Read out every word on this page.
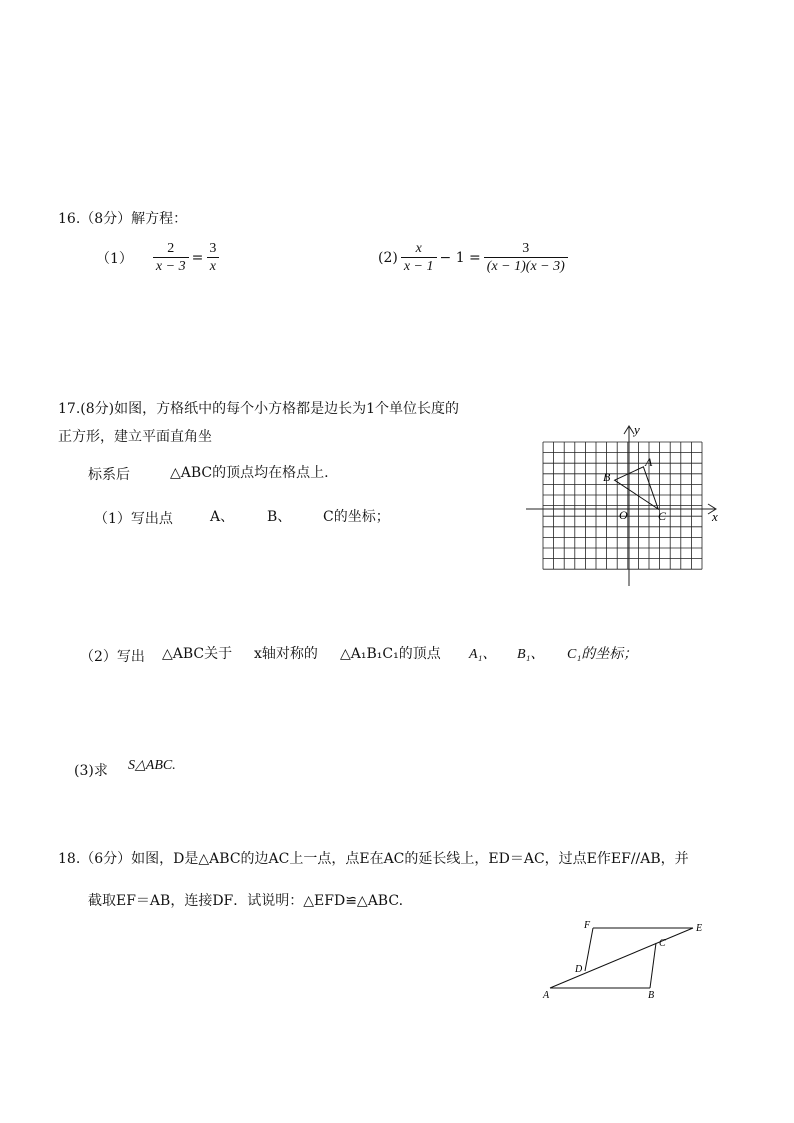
16.（8分）解方程：
$(1) \frac{2}{x - 3} = \frac{3}{x}$	$(2) \frac{x}{x - 1} - 1 = \frac{3}{(x - 1)(x - 3)}$
17.(8分)如图，方格纸中的每个小方格都是边长为1个单位长度的
正方形，建立平面直角坐
标系后	△ABC的顶点均在格点上.
（1）写出点	A、 B、 C的坐标；	x
y
O
A
B
C
（2）写出 △ABC关于 x轴对称的 △A₁B₁C₁的顶点 A₁、 B₁、 C₁的坐标；
(3)求 S△ABC.
18.（6分）如图，D是△ABC的边AC上一点，点E在AC的延长线上，ED＝AC，过点E作EF//AB，并
截取EF＝AB，连接DF．试说明：△EFD≌△ABC.
A	B
C
D
E
F
